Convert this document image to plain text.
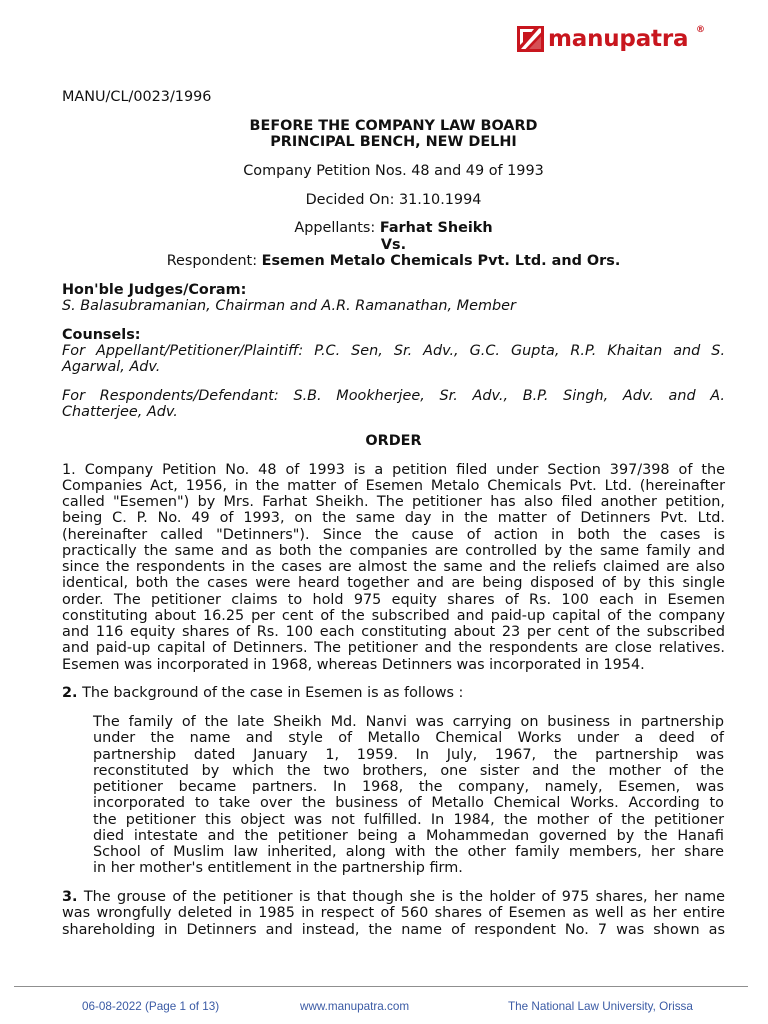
manupatra ®
MANU/CL/0023/1996
BEFORE THE COMPANY LAW BOARD
PRINCIPAL BENCH, NEW DELHI
Company Petition Nos. 48 and 49 of 1993
Decided On: 31.10.1994
Appellants: Farhat Sheikh
Vs.
Respondent: Esemen Metalo Chemicals Pvt. Ltd. and Ors.
Hon'ble Judges/Coram:
S. Balasubramanian, Chairman and A.R. Ramanathan, Member
Counsels:
For Appellant/Petitioner/Plaintiff: P.C. Sen, Sr. Adv., G.C. Gupta, R.P. Khaitan and S.
Agarwal, Adv.
For Respondents/Defendant: S.B. Mookherjee, Sr. Adv., B.P. Singh, Adv. and A.
Chatterjee, Adv.
ORDER
1. Company Petition No. 48 of 1993 is a petition filed under Section 397/398 of the
Companies Act, 1956, in the matter of Esemen Metalo Chemicals Pvt. Ltd. (hereinafter
called "Esemen") by Mrs. Farhat Sheikh. The petitioner has also filed another petition,
being C. P. No. 49 of 1993, on the same day in the matter of Detinners Pvt. Ltd.
(hereinafter called "Detinners"). Since the cause of action in both the cases is
practically the same and as both the companies are controlled by the same family and
since the respondents in the cases are almost the same and the reliefs claimed are also
identical, both the cases were heard together and are being disposed of by this single
order. The petitioner claims to hold 975 equity shares of Rs. 100 each in Esemen
constituting about 16.25 per cent of the subscribed and paid-up capital of the company
and 116 equity shares of Rs. 100 each constituting about 23 per cent of the subscribed
and paid-up capital of Detinners. The petitioner and the respondents are close relatives.
Esemen was incorporated in 1968, whereas Detinners was incorporated in 1954.
2. The background of the case in Esemen is as follows :
The family of the late Sheikh Md. Nanvi was carrying on business in partnership
under the name and style of Metallo Chemical Works under a deed of
partnership dated January 1, 1959. In July, 1967, the partnership was
reconstituted by which the two brothers, one sister and the mother of the
petitioner became partners. In 1968, the company, namely, Esemen, was
incorporated to take over the business of Metallo Chemical Works. According to
the petitioner this object was not fulfilled. In 1984, the mother of the petitioner
died intestate and the petitioner being a Mohammedan governed by the Hanafi
School of Muslim law inherited, along with the other family members, her share
in her mother's entitlement in the partnership firm.
3. The grouse of the petitioner is that though she is the holder of 975 shares, her name
was wrongfully deleted in 1985 in respect of 560 shares of Esemen as well as her entire
shareholding in Detinners and instead, the name of respondent No. 7 was shown as
06-08-2022 (Page 1 of 13)	www.manupatra.com	The National Law University, Orissa
